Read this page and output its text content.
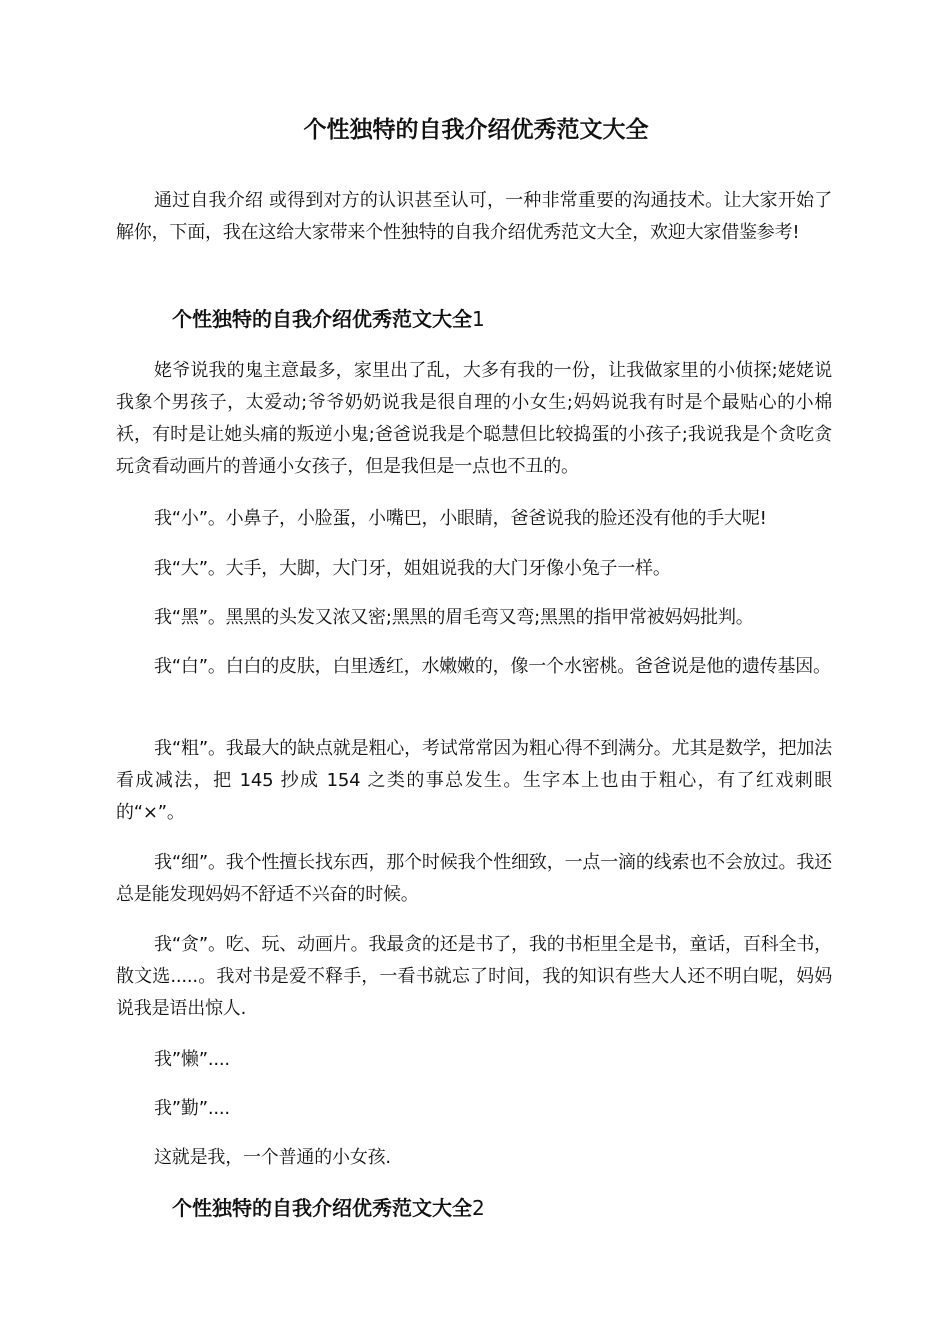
个性独特的自我介绍优秀范文大全

通过自我介绍 或得到对方的认识甚至认可，一种非常重要的沟通技术。让大家开始了解你，下面，我在这给大家带来个性独特的自我介绍优秀范文大全，欢迎大家借鉴参考!

个性独特的自我介绍优秀范文大全1

姥爷说我的鬼主意最多，家里出了乱，大多有我的一份，让我做家里的小侦探;姥姥说我象个男孩子，太爱动;爷爷奶奶说我是很自理的小女生;妈妈说我有时是个最贴心的小棉袄，有时是让她头痛的叛逆小鬼;爸爸说我是个聪慧但比较捣蛋的小孩子;我说我是个贪吃贪玩贪看动画片的普通小女孩子，但是我但是一点也不丑的。

我“小”。小鼻子，小脸蛋，小嘴巴，小眼睛，爸爸说我的脸还没有他的手大呢!

我“大”。大手，大脚，大门牙，姐姐说我的大门牙像小兔子一样。

我“黑”。黑黑的头发又浓又密;黑黑的眉毛弯又弯;黑黑的指甲常被妈妈批判。

我“白”。白白的皮肤，白里透红，水嫩嫩的，像一个水密桃。爸爸说是他的遗传基因。

我“粗”。我最大的缺点就是粗心，考试常常因为粗心得不到满分。尤其是数学，把加法看成减法，把 145 抄成 154 之类的事总发生。生字本上也由于粗心，有了红戏刺眼的“×”。

我“细”。我个性擅长找东西，那个时候我个性细致，一点一滴的线索也不会放过。我还总是能发现妈妈不舒适不兴奋的时候。

我“贪”。吃、玩、动画片。我最贪的还是书了，我的书柜里全是书，童话，百科全书，散文选.....。我对书是爱不释手，一看书就忘了时间，我的知识有些大人还不明白呢，妈妈说我是语出惊人.

我”懒”....

我”勤”....

这就是我，一个普通的小女孩.

个性独特的自我介绍优秀范文大全2
